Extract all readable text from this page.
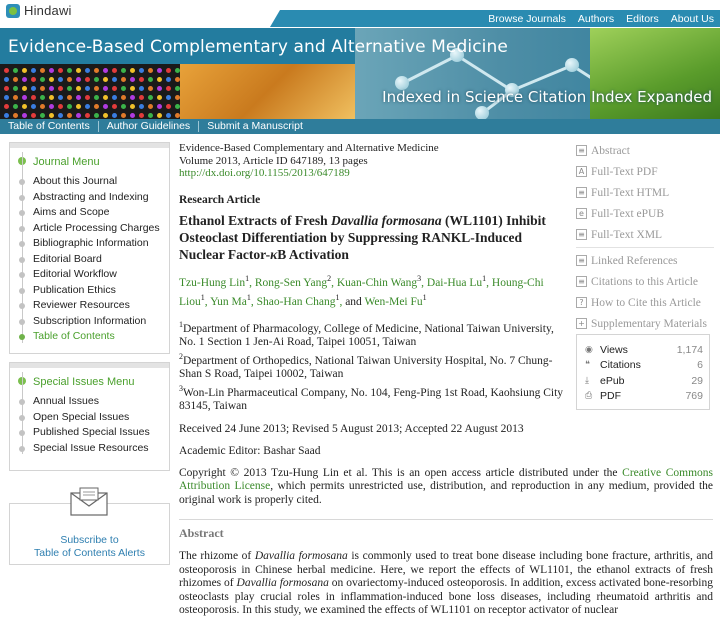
Hindawi
Browse Journals Authors Editors About Us
Evidence-Based Complementary and Alternative Medicine
Indexed in Science Citation Index Expanded
Table of Contents	Author Guidelines	Submit a Manuscript
Journal Menu
About this Journal
Abstracting and Indexing
Aims and Scope
Article Processing Charges
Bibliographic Information
Editorial Board
Editorial Workflow
Publication Ethics
Reviewer Resources
Subscription Information
Table of Contents
Special Issues Menu
Annual Issues
Open Special Issues
Published Special Issues
Special Issue Resources
Subscribe to
Table of Contents Alerts
Evidence-Based Complementary and Alternative Medicine
Volume 2013, Article ID 647189, 13 pages
http://dx.doi.org/10.1155/2013/647189
Research Article
Ethanol Extracts of Fresh Davallia formosana (WL1101) Inhibit Osteoclast Differentiation by Suppressing RANKL-Induced Nuclear Factor-κB Activation
Tzu-Hung Lin$^1$, Rong-Sen Yang$^2$, Kuan-Chin Wang$^3$, Dai-Hua Lu$^1$, Houng-Chi Liou$^1$, Yun Ma$^1$, Shao-Han Chang$^1$, and Wen-Mei Fu$^1$

$^1$Department of Pharmacology, College of Medicine, National Taiwan University, No. 1 Section 1 Jen-Ai Road, Taipei 10051, Taiwan

$^2$Department of Orthopedics, National Taiwan University Hospital, No. 7 Chung-Shan S Road, Taipei 10002, Taiwan

$^3$Won-Lin Pharmaceutical Company, No. 104, Feng-Ping 1st Road, Kaohsiung City 83145, Taiwan

Received 24 June 2013; Revised 5 August 2013; Accepted 22 August 2013
Academic Editor: Bashar Saad
Copyright © 2013 Tzu-Hung Lin et al. This is an open access article distributed under the Creative Commons Attribution License, which permits unrestricted use, distribution, and reproduction in any medium, provided the original work is properly cited.
Abstract
The rhizome of Davallia formosana is commonly used to treat bone disease including bone fracture, arthritis, and osteoporosis in Chinese herbal medicine. Here, we report the effects of WL1101, the ethanol extracts of fresh rhizomes of Davallia formosana on ovariectomy-induced osteoporosis. In addition, excess activated bone-resorbing osteoclasts play crucial roles in inflammation-induced bone loss diseases, including rheumatoid arthritis and osteoporosis. In this study, we examined the effects of WL1101 on receptor activator of nuclear
≡ Abstract
A Full-Text PDF
≡ Full-Text HTML
e Full-Text ePUB
≡ Full-Text XML
≡ Linked References
≡ Citations to this Article
? How to Cite this Article
+ Supplementary Materials
◉ Views	1,174
❝ Citations	6
⤓	ePub	29
⎙ PDF	769
